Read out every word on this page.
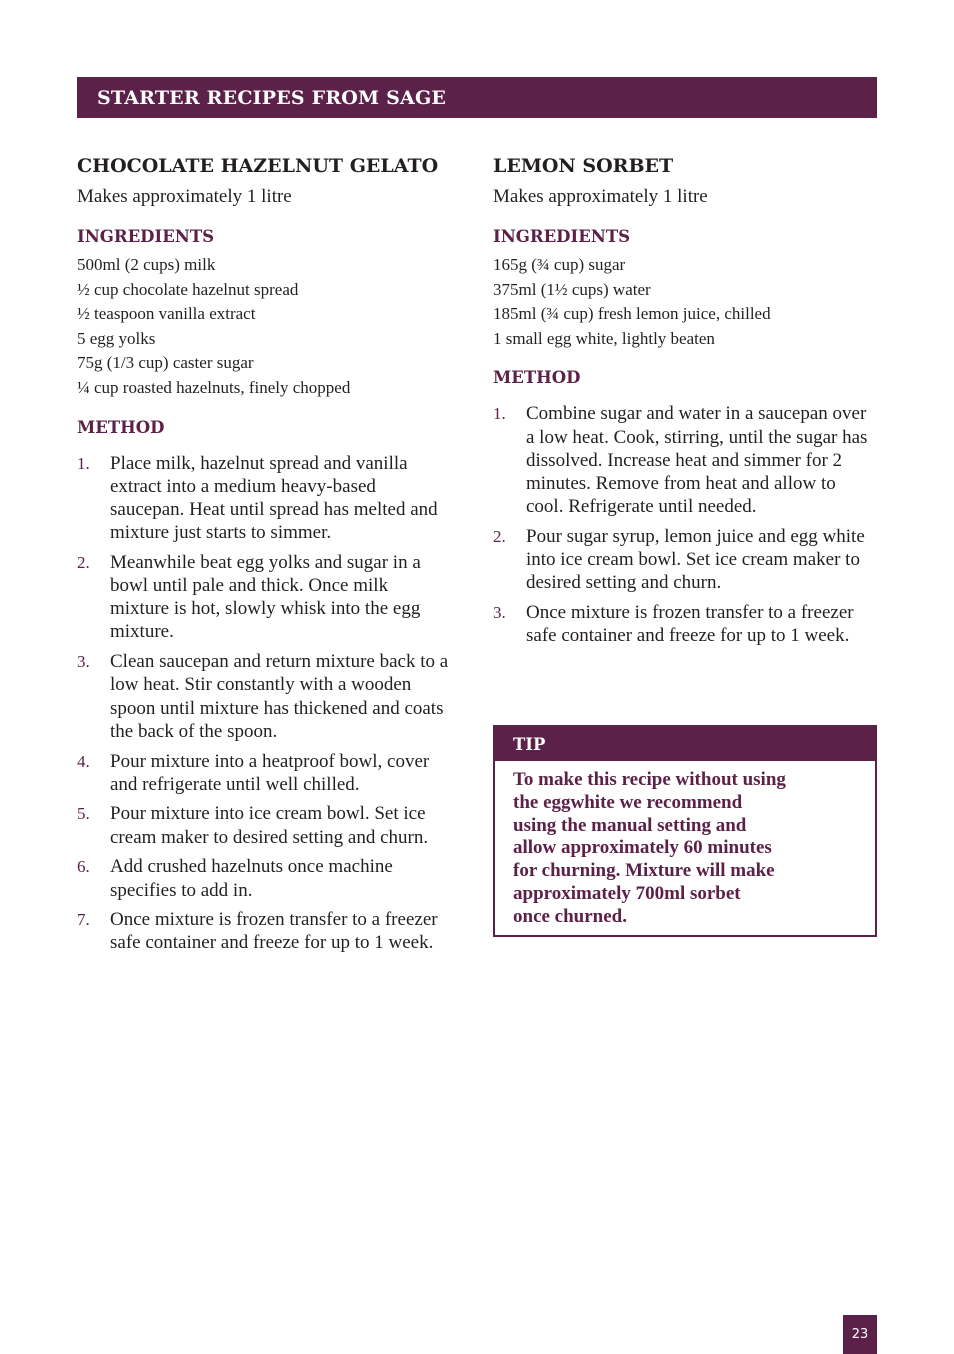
STARTER RECIPES FROM SAGE
CHOCOLATE HAZELNUT GELATO

Makes approximately 1 litre

INGREDIENTS
500ml (2 cups) milk
½ cup chocolate hazelnut spread
½ teaspoon vanilla extract
5 egg yolks
75g (1/3 cup) caster sugar
¼ cup roasted hazelnuts, finely chopped
METHOD
1. Place milk, hazelnut spread and vanilla extract into a medium heavy-based saucepan. Heat until spread has melted and mixture just starts to simmer.
2. Meanwhile beat egg yolks and sugar in a bowl until pale and thick. Once milk mixture is hot, slowly whisk into the egg mixture.
3. Clean saucepan and return mixture back to a low heat. Stir constantly with a wooden spoon until mixture has thickened and coats the back of the spoon.
4. Pour mixture into a heatproof bowl, cover and refrigerate until well chilled.
5. Pour mixture into ice cream bowl. Set ice cream maker to desired setting and churn.
6. Add crushed hazelnuts once machine specifies to add in.
7. Once mixture is frozen transfer to a freezer safe container and freeze for up to 1 week.
LEMON SORBET

Makes approximately 1 litre

INGREDIENTS
165g (¾ cup) sugar
375ml (1½ cups) water
185ml (¾ cup) fresh lemon juice, chilled
1 small egg white, lightly beaten
METHOD
1. Combine sugar and water in a saucepan over a low heat. Cook, stirring, until the sugar has dissolved. Increase heat and simmer for 2 minutes. Remove from heat and allow to cool. Refrigerate until needed.
2. Pour sugar syrup, lemon juice and egg white into ice cream bowl. Set ice cream maker to desired setting and churn.
3. Once mixture is frozen transfer to a freezer safe container and freeze for up to 1 week.
TIP
To make this recipe without using
the eggwhite we recommend
using the manual setting and
allow approximately 60 minutes
for churning. Mixture will make
approximately 700ml sorbet
once churned.
23
